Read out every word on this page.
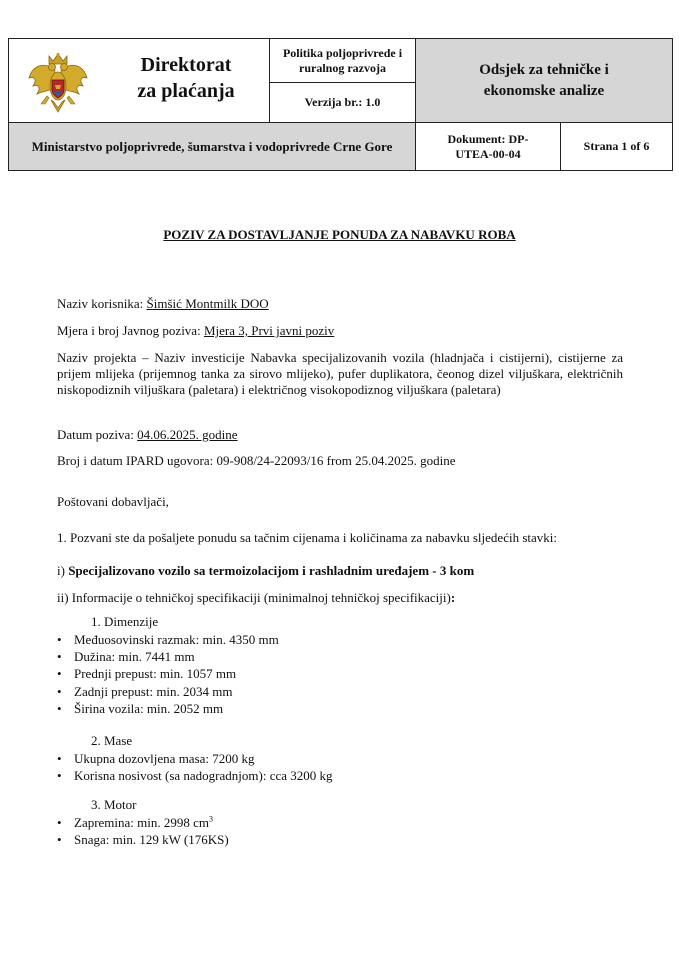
Direktorat
za plaćanja	Politika poljoprivrede i ruralnog razvoja	Odsjek za tehničke i ekonomske analize	
	Verzija br.: 1.0		
Ministarstvo poljoprivrede, šumarstva i vodoprivrede Crne Gore		Dokument: DP-UTEA-00-04	Strana 1 of 6
POZIV ZA DOSTAVLJANJE PONUDA ZA NABAVKU ROBA

Naziv korisnika: Šimšić Montmilk DOO

Mjera i broj Javnog poziva: Mjera 3, Prvi javni poziv

Naziv projekta – Naziv investicije Nabavka specijalizovanih vozila (hladnjača i cistijerni), cistijerne za prijem mlijeka (prijemnog tanka za sirovo mlijeko), pufer duplikatora, čeonog dizel viljuškara, električnih niskopodiznih viljuškara (paletara) i električnog visokopodiznog viljuškara (paletara)

Datum poziva: 04.06.2025. godine

Broj i datum IPARD ugovora: 09-908/24-22093/16 from 25.04.2025. godine

Poštovani dobavljači,

1. Pozvani ste da pošaljete ponudu sa tačnim cijenama i količinama za nabavku sljedećih stavki:

i) Specijalizovano vozilo sa termoizolacijom i rashladnim uređajem - 3 kom

ii) Informacije o tehničkoj specifikaciji (minimalnoj tehničkoj specifikaciji):

1. Dimenzije
• Međuosovinski razmak: min. 4350 mm
• Dužina: min. 7441 mm
• Prednji prepust: min. 1057 mm
• Zadnji prepust: min. 2034 mm
• Širina vozila: min. 2052 mm
2. Mase
• Ukupna dozovljena masa: 7200 kg
• Korisna nosivost (sa nadogradnjom): cca 3200 kg
3. Motor
• Zapremina: min. 2998 $cm^3$
• Snaga: min. 129 kW (176KS)
